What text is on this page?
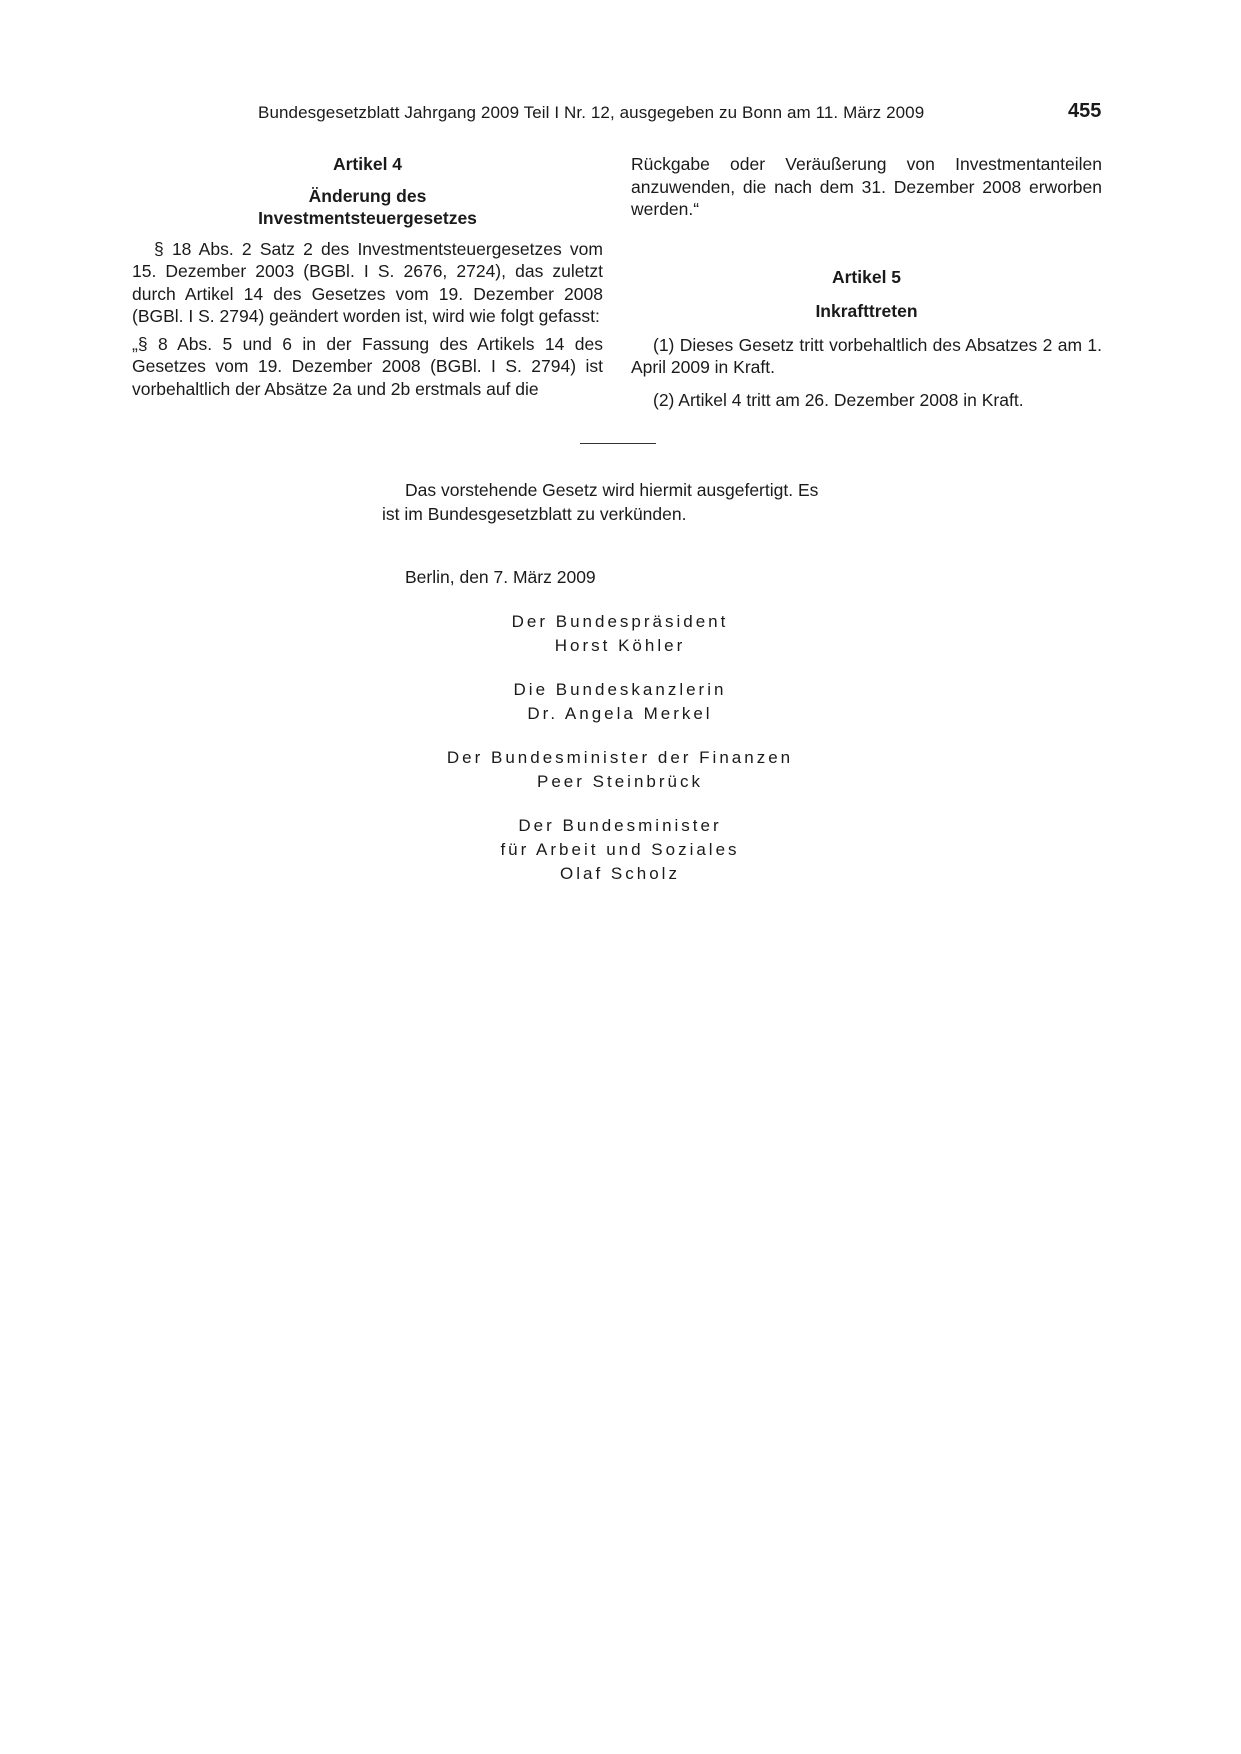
Bundesgesetzblatt Jahrgang 2009 Teil I Nr. 12, ausgegeben zu Bonn am 11. März 2009	455

Artikel 4

Änderung des

Investmentsteuergesetzes

§ 18 Abs. 2 Satz 2 des Investmentsteuergesetzes vom 15. Dezember 2003 (BGBl. I S. 2676, 2724), das zuletzt durch Artikel 14 des Gesetzes vom 19. Dezember 2008 (BGBl. I S. 2794) geändert worden ist, wird wie folgt gefasst:

„§ 8 Abs. 5 und 6 in der Fassung des Artikels 14 des Gesetzes vom 19. Dezember 2008 (BGBl. I S. 2794) ist vorbehaltlich der Absätze 2a und 2b erstmals auf die

Rückgabe oder Veräußerung von Investmentanteilen anzuwenden, die nach dem 31. Dezember 2008 erworben werden.“

Artikel 5

Inkrafttreten

(1) Dieses Gesetz tritt vorbehaltlich des Absatzes 2 am 1. April 2009 in Kraft.

(2) Artikel 4 tritt am 26. Dezember 2008 in Kraft.

Das vorstehende Gesetz wird hiermit ausgefertigt. Es
ist im Bundesgesetzblatt zu verkünden.
Berlin, den 7. März 2009
Der Bundespräsident
Horst Köhler
Die Bundeskanzlerin
Dr. Angela Merkel
Der Bundesminister der Finanzen
Peer Steinbrück
Der Bundesminister
für Arbeit und Soziales
Olaf Scholz
